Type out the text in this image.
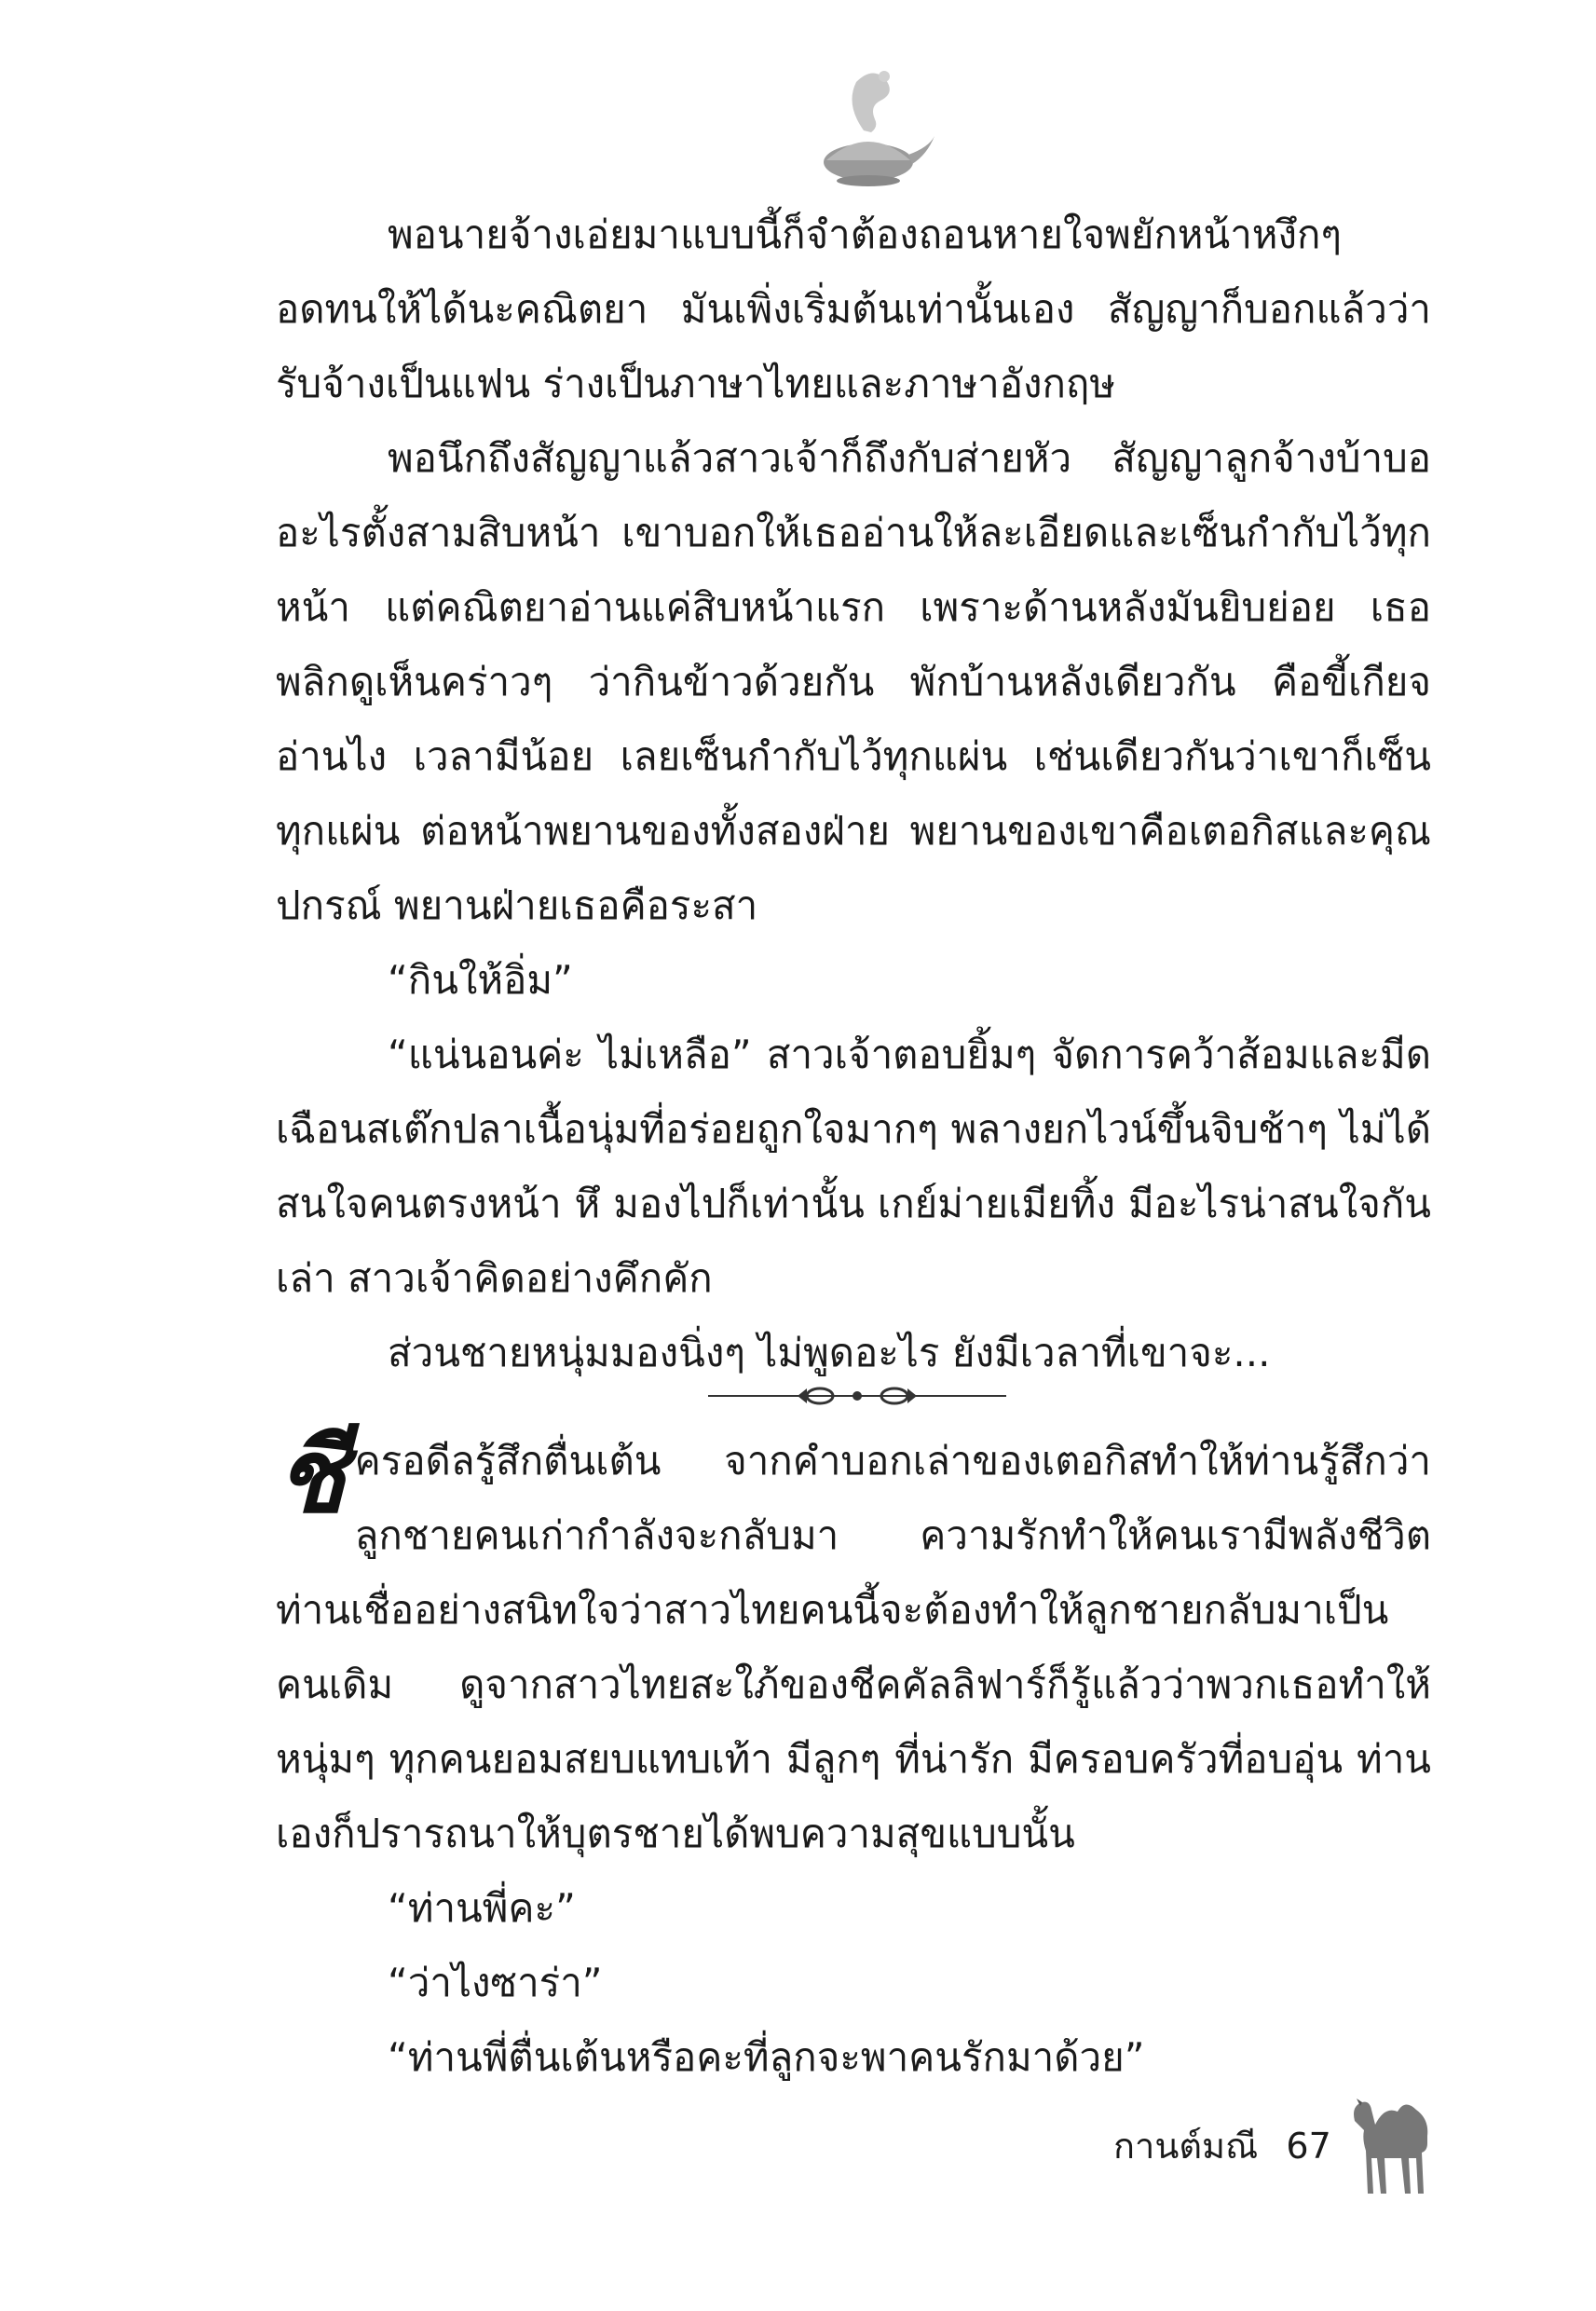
พอนายจ้างเอ่ยมาแบบนี้ก็จำต้องถอนหายใจพยักหน้าหงึกๆ อดทนให้ได้นะคณิตยา มันเพิ่งเริ่มต้นเท่านั้นเอง สัญญาก็บอกแล้วว่ารับจ้างเป็นแฟน ร่างเป็นภาษาไทยและภาษาอังกฤษ

พอนึกถึงสัญญาแล้วสาวเจ้าก็ถึงกับส่ายหัว สัญญาลูกจ้างบ้าบออะไรตั้งสามสิบหน้า เขาบอกให้เธออ่านให้ละเอียดและเซ็นกำกับไว้ทุกหน้า แต่คณิตยาอ่านแค่สิบหน้าแรก เพราะด้านหลังมันยิบย่อย เธอพลิกดูเห็นคร่าวๆ ว่ากินข้าวด้วยกัน พักบ้านหลังเดียวกัน คือขี้เกียจอ่านไง เวลามีน้อย เลยเซ็นกำกับไว้ทุกแผ่น เช่นเดียวกันว่าเขาก็เซ็นทุกแผ่น ต่อหน้าพยานของทั้งสองฝ่าย พยานของเขาคือเตอกิสและคุณปกรณ์ พยานฝ่ายเธอคือระสา

“กินให้อิ่ม”

“แน่นอนค่ะ ไม่เหลือ” สาวเจ้าตอบยิ้มๆ จัดการคว้าส้อมและมีดเฉือนสเต๊กปลาเนื้อนุ่มที่อร่อยถูกใจมากๆ พลางยกไวน์ขึ้นจิบช้าๆ ไม่ได้สนใจคนตรงหน้า หึ มองไปก็เท่านั้น เกย์ม่ายเมียทิ้ง มีอะไรน่าสนใจกันเล่า สาวเจ้าคิดอย่างคึกคัก

ส่วนชายหนุ่มมองนิ่งๆ ไม่พูดอะไร ยังมีเวลาที่เขาจะ...

ชี ครอดีลรู้สึกตื่นเต้น จากคำบอกเล่าของเตอกิสทำให้ท่านรู้สึกว่าลูกชายคนเก่ากำลังจะกลับมา ความรักทำให้คนเรามีพลังชีวิต ท่านเชื่ออย่างสนิทใจว่าสาวไทยคนนี้จะต้องทำให้ลูกชายกลับมาเป็นคนเดิม ดูจากสาวไทยสะใภ้ของชีคคัลลิฟาร์ก็รู้แล้วว่าพวกเธอทำให้หนุ่มๆ ทุกคนยอมสยบแทบเท้า มีลูกๆ ที่น่ารัก มีครอบครัวที่อบอุ่น ท่านเองก็ปรารถนาให้บุตรชายได้พบความสุขแบบนั้น

“ท่านพี่คะ”

“ว่าไงซาร่า”

“ท่านพี่ตื่นเต้นหรือคะที่ลูกจะพาคนรักมาด้วย”

กานต์มณี 67
